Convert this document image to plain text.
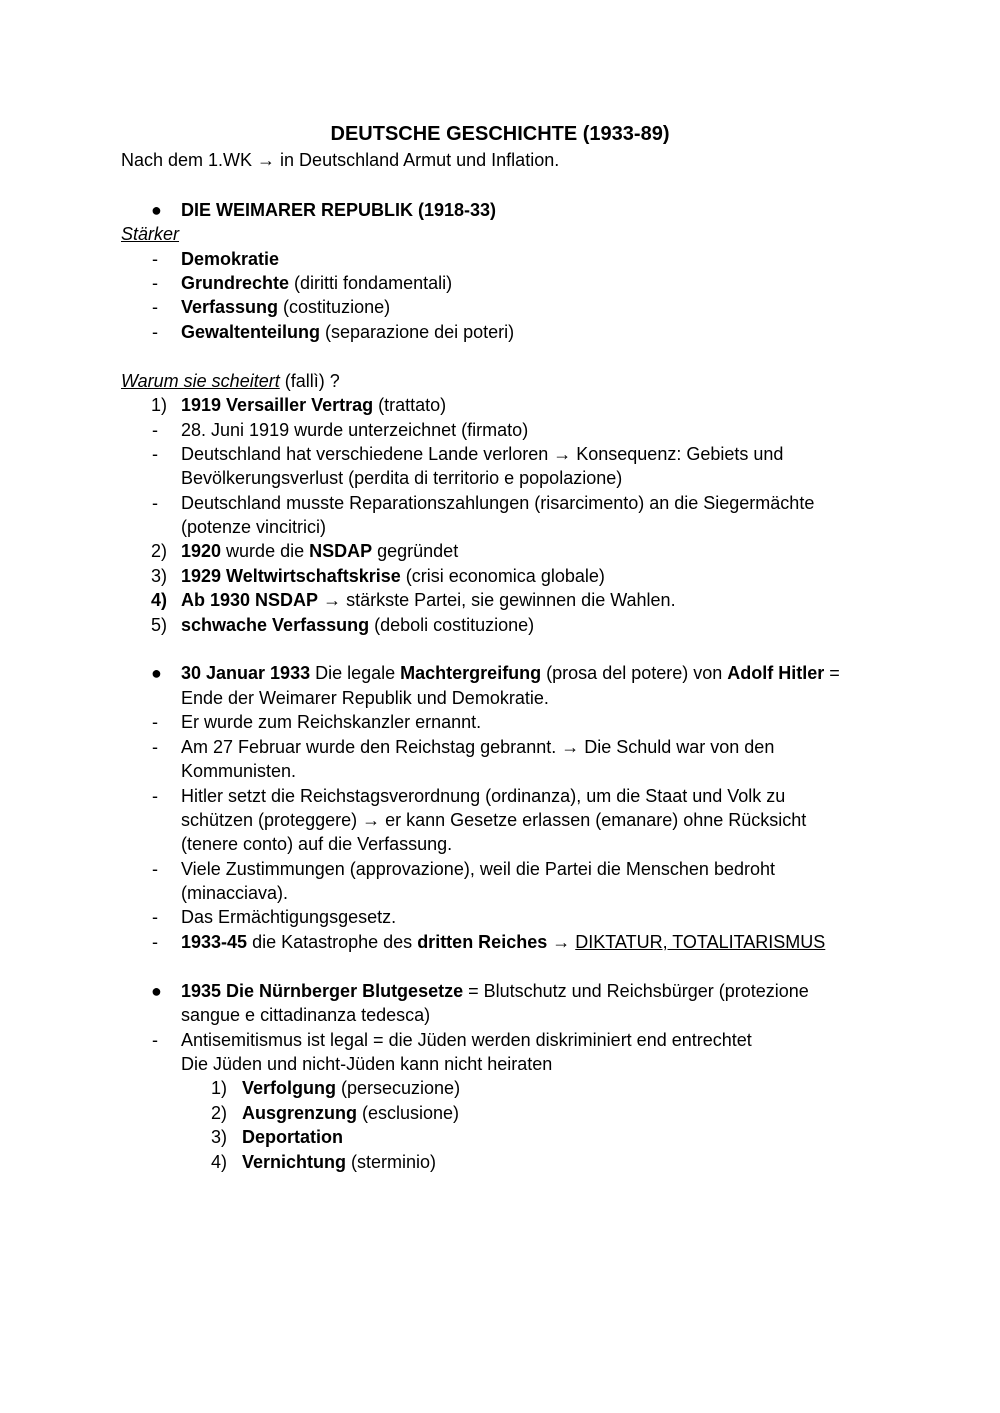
DEUTSCHE GESCHICHTE (1933-89)
Nach dem 1.WK → in Deutschland Armut und Inflation.
● DIE WEIMARER REPUBLIK (1918-33)
Stärker
- Demokratie
- Grundrechte (diritti fondamentali)
- Verfassung (costituzione)
- Gewaltenteilung (separazione dei poteri)
Warum sie scheitert (fallì) ?
1) 1919 Versailler Vertrag (trattato)
- 28. Juni 1919 wurde unterzeichnet (firmato)
- Deutschland hat verschiedene Lande verloren → Konsequenz: Gebiets und
Bevölkerungsverlust (perdita di territorio e popolazione)
- Deutschland musste Reparationszahlungen (risarcimento) an die Siegermächte
(potenze vincitrici)
2) 1920 wurde die NSDAP gegründet
3) 1929 Weltwirtschaftskrise (crisi economica globale)
4) Ab 1930 NSDAP → stärkste Partei, sie gewinnen die Wahlen.
5) schwache Verfassung (deboli costituzione)
● 30 Januar 1933 Die legale Machtergreifung (prosa del potere) von Adolf Hitler =
Ende der Weimarer Republik und Demokratie.
- Er wurde zum Reichskanzler ernannt.
- Am 27 Februar wurde den Reichstag gebrannt. → Die Schuld war von den
Kommunisten.
- Hitler setzt die Reichstagsverordnung (ordinanza), um die Staat und Volk zu
schützen (proteggere) → er kann Gesetze erlassen (emanare) ohne Rücksicht
(tenere conto) auf die Verfassung.
- Viele Zustimmungen (approvazione), weil die Partei die Menschen bedroht
(minacciava).
- Das Ermächtigungsgesetz.
- 1933-45 die Katastrophe des dritten Reiches → DIKTATUR, TOTALITARISMUS
● 1935 Die Nürnberger Blutgesetze = Blutschutz und Reichsbürger (protezione
sangue e cittadinanza tedesca)
- Antisemitismus ist legal = die Jüden werden diskriminiert end entrechtet
Die Jüden und nicht-Jüden kann nicht heiraten
1) Verfolgung (persecuzione)
2) Ausgrenzung (esclusione)
3) Deportation
4) Vernichtung (sterminio)
